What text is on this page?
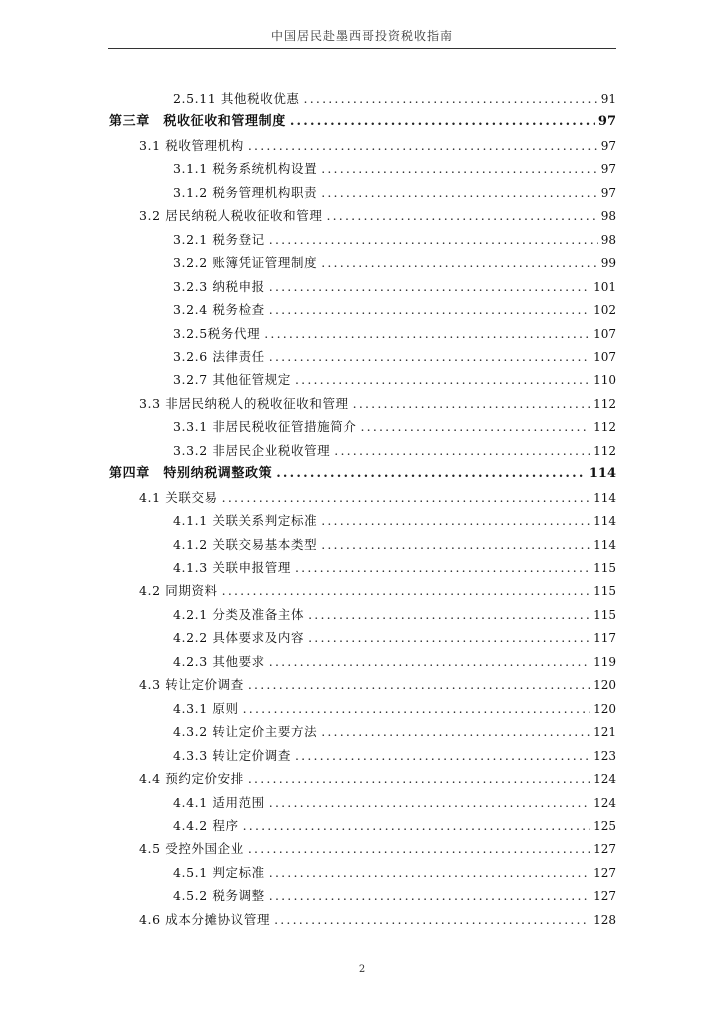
中国居民赴墨西哥投资税收指南
2.5.11 其他税收优惠 .....	91
第三章　税收征收和管理制度 .....	97
3.1 税收管理机构 .....	97
3.1.1 税务系统机构设置 .....	97
3.1.2 税务管理机构职责 .....	97
3.2 居民纳税人税收征收和管理 .....	98
3.2.1 税务登记 .....	98
3.2.2 账簿凭证管理制度 .....	99
3.2.3 纳税申报 .....	101
3.2.4 税务检查 .....	102
3.2.5税务代理 .....	107
3.2.6 法律责任 .....	107
3.2.7 其他征管规定 .....	110
3.3 非居民纳税人的税收征收和管理 .....	112
3.3.1 非居民税收征管措施简介 .....	112
3.3.2 非居民企业税收管理 .....	112
第四章　特别纳税调整政策 .....	114
4.1 关联交易 .....	114
4.1.1 关联关系判定标准 .....	114
4.1.2 关联交易基本类型 .....	114
4.1.3 关联申报管理 .....	115
4.2 同期资料 .....	115
4.2.1 分类及准备主体 .....	115
4.2.2 具体要求及内容 .....	117
4.2.3 其他要求 .....	119
4.3 转让定价调查 .....	120
4.3.1 原则 .....	120
4.3.2 转让定价主要方法 .....	121
4.3.3 转让定价调查 .....	123
4.4 预约定价安排 .....	124
4.4.1 适用范围 .....	124
4.4.2 程序 .....	125
4.5 受控外国企业 .....	127
4.5.1 判定标准 .....	127
4.5.2 税务调整 .....	127
4.6 成本分摊协议管理 .....	128
2
